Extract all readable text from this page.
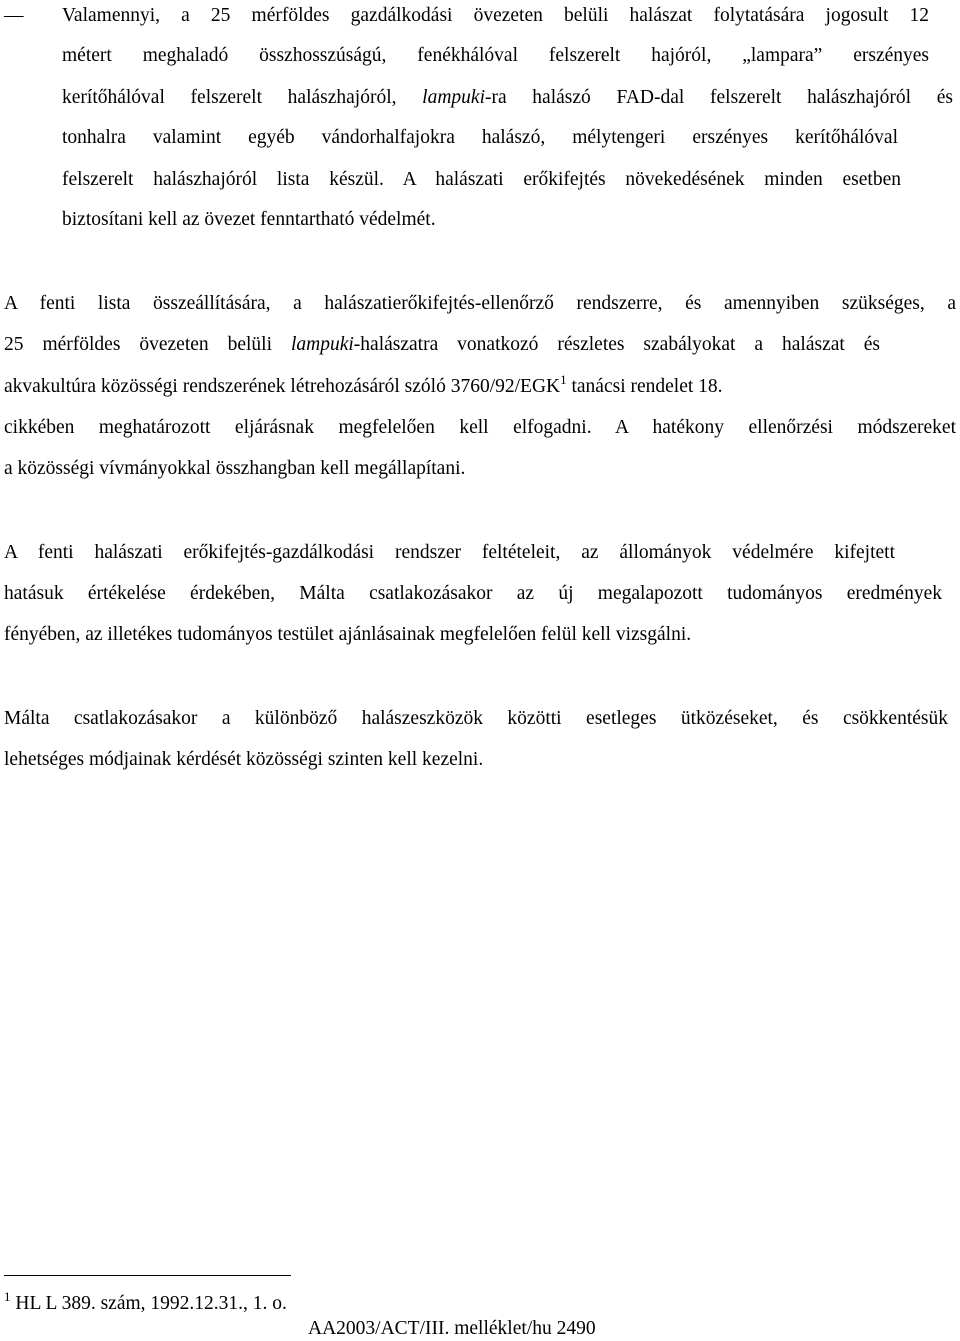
— Valamennyi, a 25 mérföldes gazdálkodási övezeten belüli halászat folytatására jogosult 12
métert meghaladó összhosszúságú, fenékhálóval felszerelt hajóról, „lampara” erszényes
kerítőhálóval felszerelt halászhajóról, lampuki-ra halászó FAD-dal felszerelt halászhajóról és
tonhalra valamint egyéb vándorhalfajokra halászó, mélytengeri erszényes kerítőhálóval
felszerelt halászhajóról lista készül. A halászati erőkifejtés növekedésének minden esetben
biztosítani kell az övezet fenntartható védelmét.
A fenti lista összeállítására, a halászatierőkifejtés-ellenőrző rendszerre, és amennyiben szükséges, a
25 mérföldes övezeten belüli lampuki-halászatra vonatkozó részletes szabályokat a halászat és
akvakultúra közösségi rendszerének létrehozásáról szóló 3760/92/EGK$^1$ tanácsi rendelet 18.
cikkében meghatározott eljárásnak megfelelően kell elfogadni. A hatékony ellenőrzési módszereket
a közösségi vívmányokkal összhangban kell megállapítani.
A fenti halászati erőkifejtés-gazdálkodási rendszer feltételeit, az állományok védelmére kifejtett
hatásuk értékelése érdekében, Málta csatlakozásakor az új megalapozott tudományos eredmények
fényében, az illetékes tudományos testület ajánlásainak megfelelően felül kell vizsgálni.
Málta csatlakozásakor a különböző halászeszközök közötti esetleges ütközéseket, és csökkentésük
lehetséges módjainak kérdését közösségi szinten kell kezelni.
$^1$ HL L 389. szám, 1992.12.31., 1. o.
AA2003/ACT/III. melléklet/hu 2490
